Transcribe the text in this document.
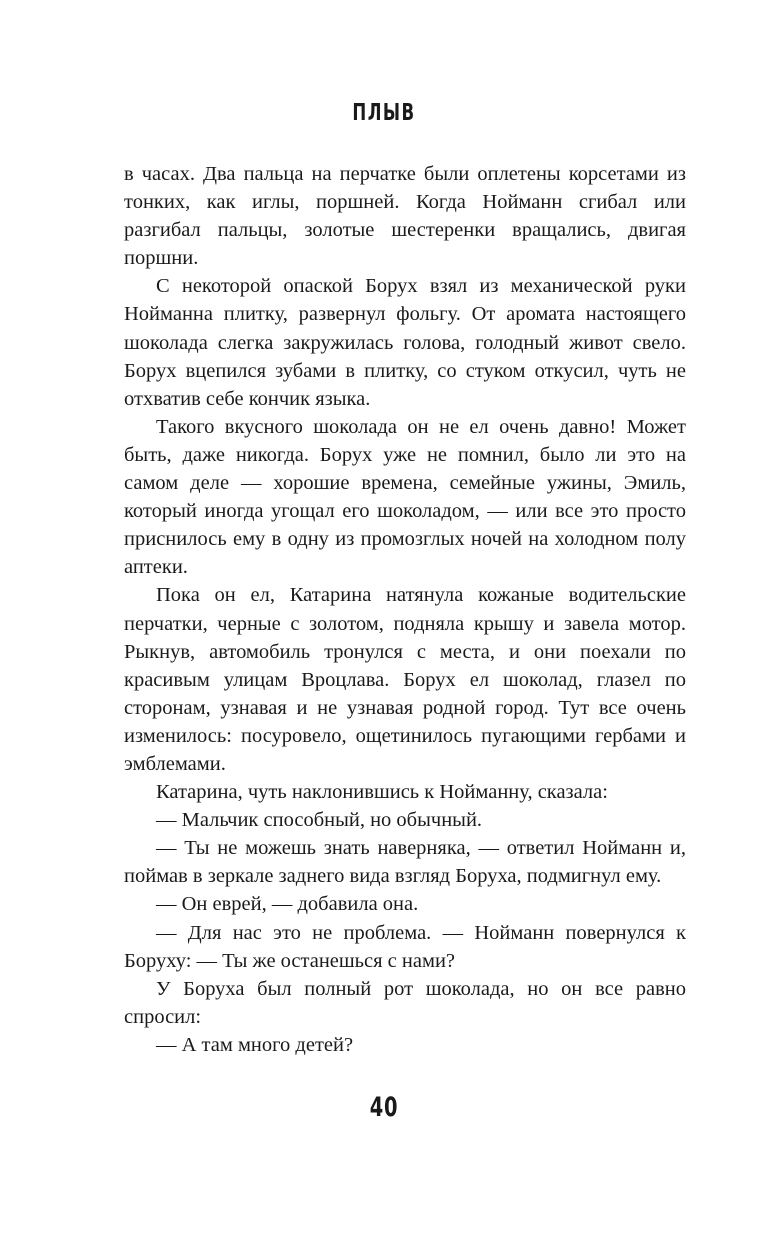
ПЛЫВ

в часах. Два пальца на перчатке были оплетены корсетами из тонких, как иглы, поршней. Когда Нойманн сгибал или разгибал пальцы, золотые шестеренки вращались, двигая поршни.

С некоторой опаской Борух взял из механической руки Нойманна плитку, развернул фольгу. От аромата настоящего шоколада слегка закружилась голова, голодный живот свело. Борух вцепился зубами в плитку, со стуком откусил, чуть не отхватив себе кончик языка.

Такого вкусного шоколада он не ел очень давно! Может быть, даже никогда. Борух уже не помнил, было ли это на самом деле — хорошие времена, семейные ужины, Эмиль, который иногда угощал его шоколадом, — или все это просто приснилось ему в одну из промозглых ночей на холодном полу аптеки.

Пока он ел, Катарина натянула кожаные водительские перчатки, черные с золотом, подняла крышу и завела мотор. Рыкнув, автомобиль тронулся с места, и они поехали по красивым улицам Вроцлава. Борух ел шоколад, глазел по сторонам, узнавая и не узнавая родной город. Тут все очень изменилось: посуровело, ощетинилось пугающими гербами и эмблемами.

Катарина, чуть наклонившись к Нойманну, сказала:

— Мальчик способный, но обычный.

— Ты не можешь знать наверняка, — ответил Нойманн и, поймав в зеркале заднего вида взгляд Боруха, подмигнул ему.

— Он еврей, — добавила она.

— Для нас это не проблема. — Нойманн повернулся к Боруху: — Ты же останешься с нами?

У Боруха был полный рот шоколада, но он все равно спросил:

— А там много детей?

40
